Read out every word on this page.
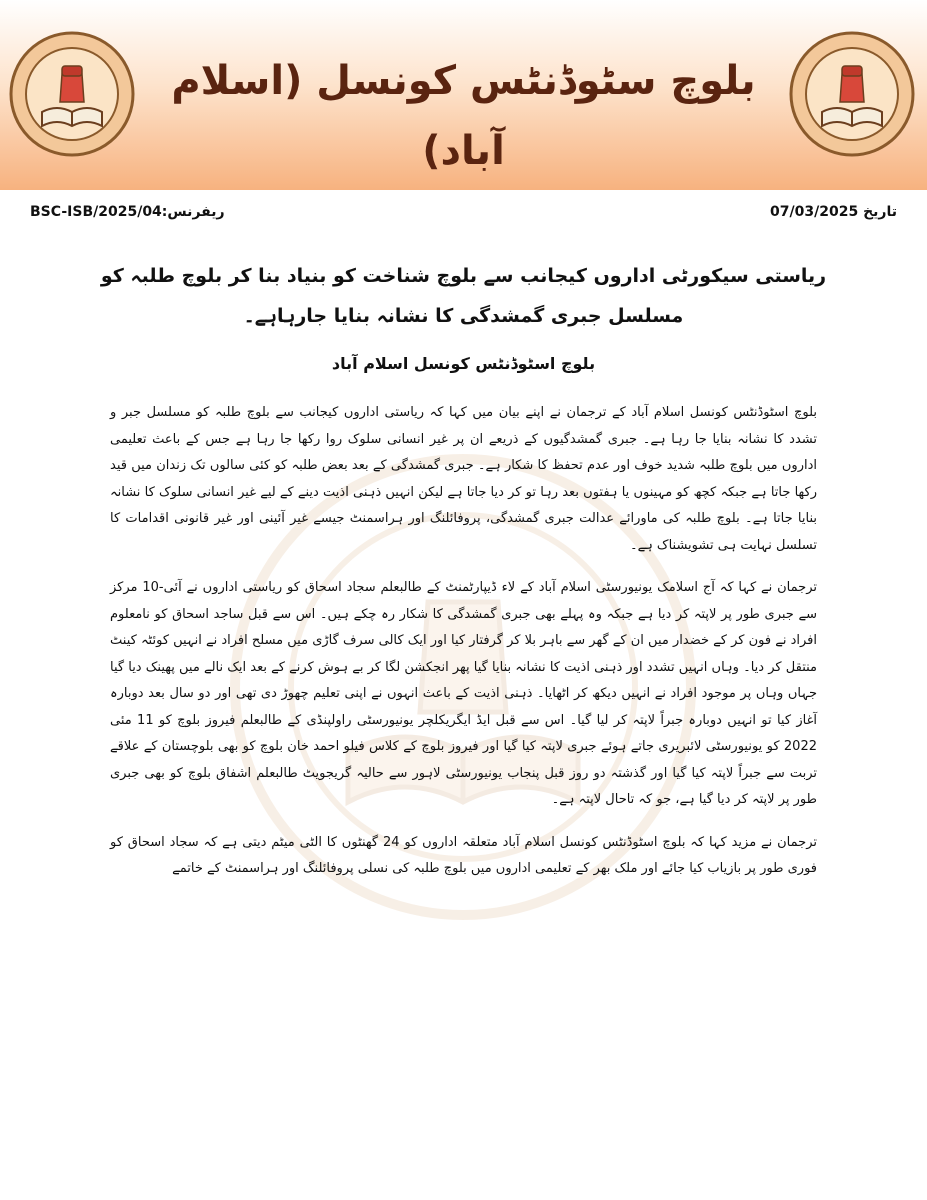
بلوچ سٹوڈنٹس کونسل (اسلام آباد)
ریفرنس:BSC-ISB/2025/04	تاریخ 07/03/2025
ریاستی سیکورٹی اداروں کیجانب سے بلوچ شناخت کو بنیاد بنا کر بلوچ طلبہ کو مسلسل جبری گمشدگی کا نشانہ بنایا جارہاہے۔
بلوچ اسٹوڈنٹس کونسل اسلام آباد

بلوچ اسٹوڈنٹس کونسل اسلام آباد کے ترجمان نے اپنے بیان میں کہا کہ ریاستی اداروں کیجانب سے بلوچ طلبہ کو مسلسل جبر و تشدد کا نشانہ بنایا جا رہا ہے۔ جبری گمشدگیوں کے ذریعے ان پر غیر انسانی سلوک روا رکھا جا رہا ہے جس کے باعث تعلیمی اداروں میں بلوچ طلبہ شدید خوف اور عدم تحفظ کا شکار ہے۔ جبری گمشدگی کے بعد بعض طلبہ کو کئی سالوں تک زندان میں قید رکھا جاتا ہے جبکہ کچھ کو مہینوں یا ہفتوں بعد رہا تو کر دیا جاتا ہے لیکن انہیں ذہنی اذیت دینے کے لیے غیر انسانی سلوک کا نشانہ بنایا جاتا ہے۔ بلوچ طلبہ کی ماورائے عدالت جبری گمشدگی، پروفائلنگ اور ہراسمنٹ جیسے غیر آئینی اور غیر قانونی اقدامات کا تسلسل نہایت ہی تشویشناک ہے۔

ترجمان نے کہا کہ آج اسلامک یونیورسٹی اسلام آباد کے لاء ڈیپارٹمنٹ کے طالبعلم سجاد اسحاق کو ریاستی اداروں نے آئی-10 مرکز سے جبری طور پر لاپتہ کر دیا ہے جبکہ وہ پہلے بھی جبری گمشدگی کا شکار رہ چکے ہیں۔ اس سے قبل ساجد اسحاق کو نامعلوم افراد نے فون کر کے خضدار میں ان کے گھر سے باہر بلا کر گرفتار کیا اور ایک کالی سرف گاڑی میں مسلح افراد نے انہیں کوئٹہ کینٹ منتقل کر دیا۔ وہاں انہیں تشدد اور ذہنی اذیت کا نشانہ بنایا گیا پھر انجکشن لگا کر بے ہوش کرنے کے بعد ایک نالے میں پھینک دیا گیا جہاں وہاں پر موجود افراد نے انہیں دیکھ کر اٹھایا۔ ذہنی اذیت کے باعث انہوں نے اپنی تعلیم چھوڑ دی تھی اور دو سال بعد دوبارہ آغاز کیا تو انہیں دوبارہ جبراً لاپتہ کر لیا گیا۔ اس سے قبل ایڈ ایگریکلچر یونیورسٹی راولپنڈی کے طالبعلم فیروز بلوچ کو 11 مئی 2022 کو یونیورسٹی لائبریری جاتے ہوئے جبری لاپتہ کیا گیا اور فیروز بلوچ کے کلاس فیلو احمد خان بلوچ کو بھی بلوچستان کے علاقے تربت سے جبراً لاپتہ کیا گیا اور گذشتہ دو روز قبل پنجاب یونیورسٹی لاہور سے حالیہ گریجویٹ طالبعلم اشفاق بلوچ کو بھی جبری طور پر لاپتہ کر دیا گیا ہے، جو کہ تاحال لاپتہ ہے۔

ترجمان نے مزید کہا کہ بلوچ اسٹوڈنٹس کونسل اسلام آباد متعلقہ اداروں کو 24 گھنٹوں کا الٹی میٹم دیتی ہے کہ سجاد اسحاق کو فوری طور پر بازیاب کیا جائے اور ملک بھر کے تعلیمی اداروں میں بلوچ طلبہ کی نسلی پروفائلنگ اور ہراسمنٹ کے خاتمے
